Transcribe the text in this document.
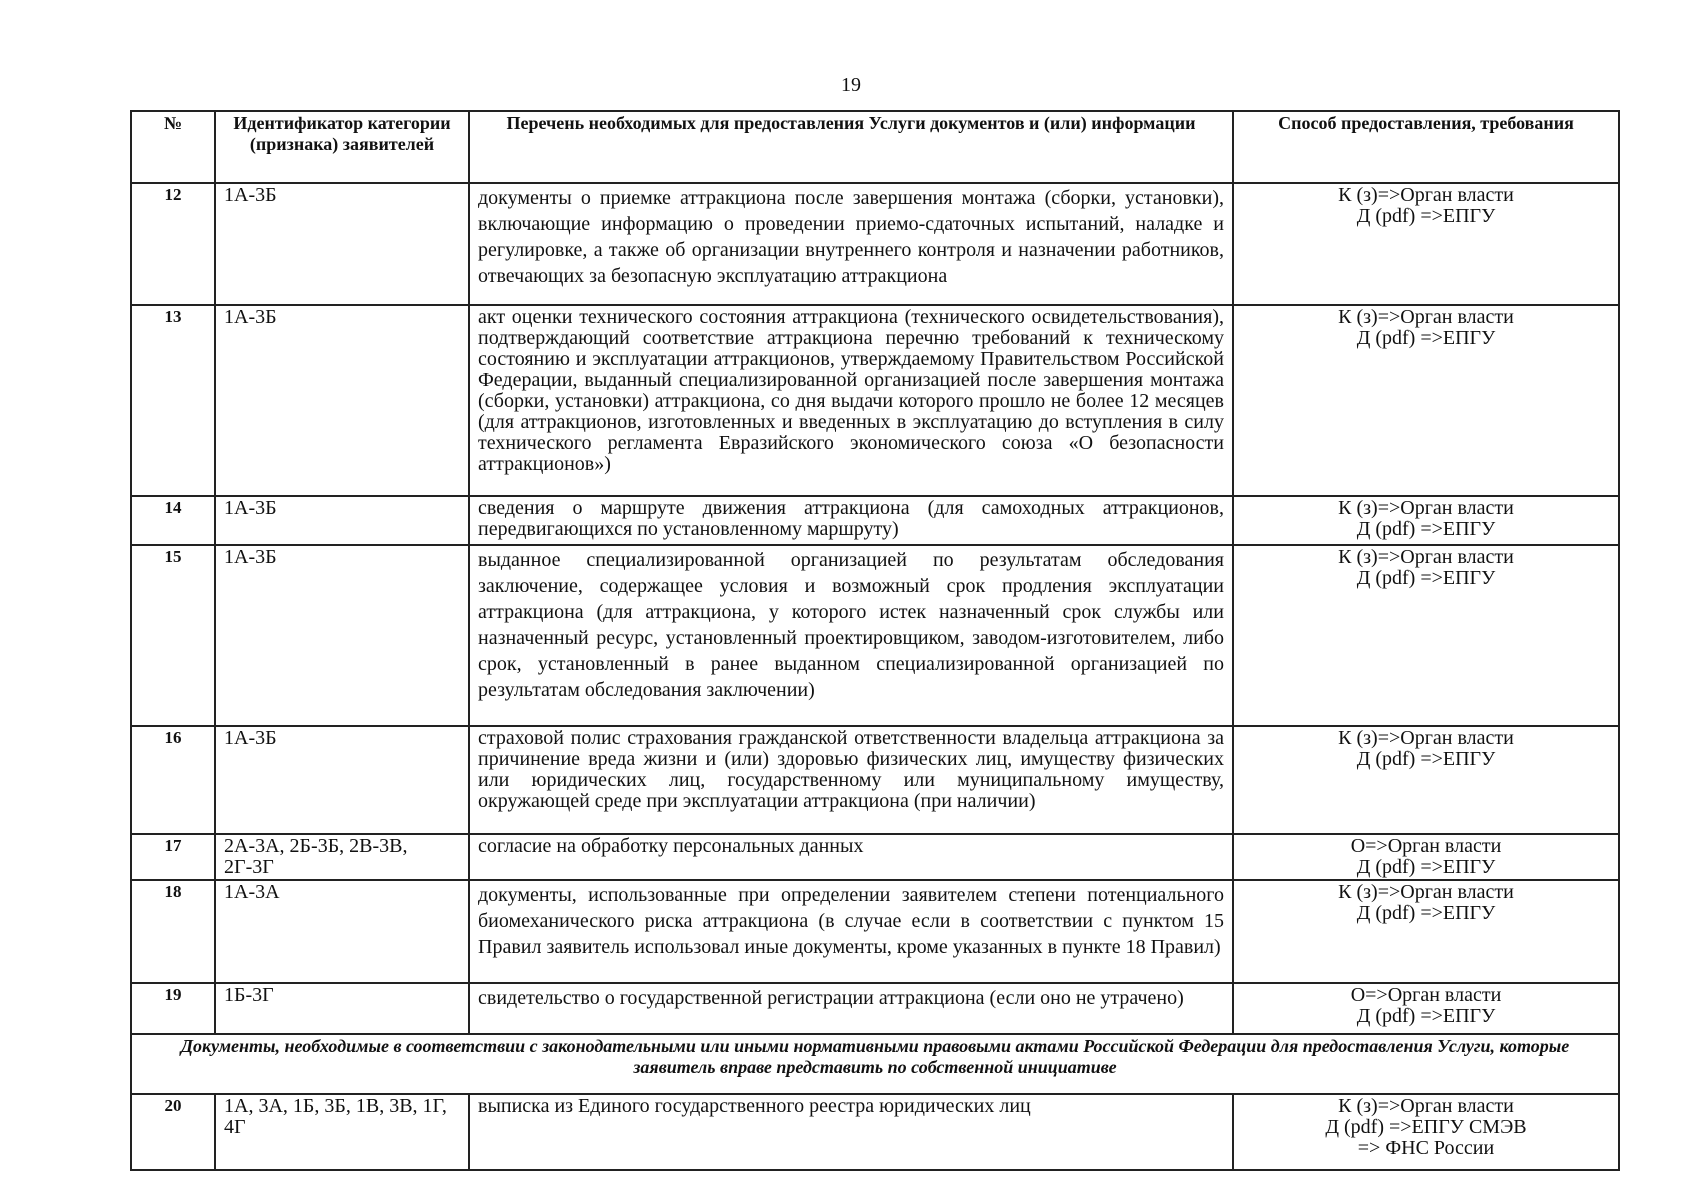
19
№	Идентификатор категории (признака) заявителей	Перечень необходимых для предоставления Услуги документов и (или) информации	Способ предоставления, требования
12	1А-3Б	документы о приемке аттракциона после завершения монтажа (сборки, установки), включающие информацию о проведении приемо-сдаточных испытаний, наладке и регулировке, а также об организации внутреннего контроля и назначении работников, отвечающих за безопасную эксплуатацию аттракциона	К (з)=>Орган власти
Д (pdf) =>ЕПГУ

13	1А-3Б	акт оценки технического состояния аттракциона (технического освидетельствования), подтверждающий соответствие аттракциона перечню требований к техническому состоянию и эксплуатации аттракционов, утверждаемому Правительством Российской Федерации, выданный специализированной организацией после завершения монтажа (сборки, установки) аттракциона, со дня выдачи которого прошло не более 12 месяцев (для аттракционов, изготовленных и введенных в эксплуатацию до вступления в силу технического регламента Евразийского экономического союза «О безопасности аттракционов»)	К (з)=>Орган власти
Д (pdf) =>ЕПГУ

14	1А-3Б	сведения о маршруте движения аттракциона (для самоходных аттракционов, передвигающихся по установленному маршруту)	К (з)=>Орган власти
Д (pdf) =>ЕПГУ

15	1А-3Б	выданное специализированной организацией по результатам обследования заключение, содержащее условия и возможный срок продления эксплуатации аттракциона (для аттракциона, у которого истек назначенный срок службы или назначенный ресурс, установленный проектировщиком, заводом-изготовителем, либо срок, установленный в ранее выданном специализированной организацией по результатам обследования заключении)	К (з)=>Орган власти
Д (pdf) =>ЕПГУ

16	1А-3Б	страховой полис страхования гражданской ответственности владельца аттракциона за причинение вреда жизни и (или) здоровью физических лиц, имуществу физических или юридических лиц, государственному или муниципальному имуществу, окружающей среде при эксплуатации аттракциона (при наличии)	К (з)=>Орган власти
Д (pdf) =>ЕПГУ

17	2А-3А, 2Б-3Б, 2В-3В, 2Г-3Г	согласие на обработку персональных данных	О=>Орган власти
Д (pdf) =>ЕПГУ

18	1А-3А	документы, использованные при определении заявителем степени потенциального биомеханического риска аттракциона (в случае если в соответствии с пунктом 15 Правил заявитель использовал иные документы, кроме указанных в пункте 18 Правил)	К (з)=>Орган власти
Д (pdf) =>ЕПГУ

19	1Б-3Г	свидетельство о государственной регистрации аттракциона (если оно не утрачено)	О=>Орган власти
Д (pdf) =>ЕПГУ

Документы, необходимые в соответствии с законодательными или иными нормативными правовыми актами Российской Федерации для предоставления Услуги, которые заявитель вправе представить по собственной инициативе			
20	1А, 3А, 1Б, 3Б, 1В, 3В, 1Г, 4Г	выписка из Единого государственного реестра юридических лиц	К (з)=>Орган власти
Д (pdf) =>ЕПГУ СМЭВ
=> ФНС России
